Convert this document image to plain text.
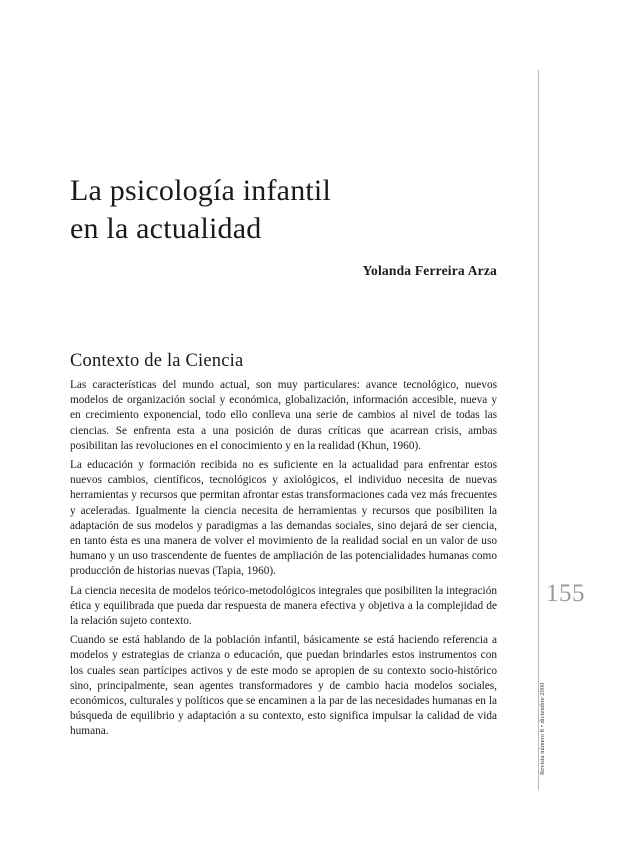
La psicología infantil
en la actualidad
Yolanda Ferreira Arza
Contexto de la Ciencia

Las características del mundo actual, son muy particulares: avance tecnológico, nuevos modelos de organización social y económica, globalización, información accesible, nueva y en crecimiento exponencial, todo ello conlleva una serie de cambios al nivel de todas las ciencias. Se enfrenta esta a una posición de duras críticas que acarrean crisis, ambas posibilitan las revoluciones en el conocimiento y en la realidad (Khun, 1960).

La educación y formación recibida no es suficiente en la actualidad para enfrentar estos nuevos cambios, científicos, tecnológicos y axiológicos, el individuo necesita de nuevas herramientas y recursos que permitan afrontar estas transformaciones cada vez más frecuentes y aceleradas. Igualmente la ciencia necesita de herramientas y recursos que posibiliten la adaptación de sus modelos y paradigmas a las demandas sociales, sino dejará de ser ciencia, en tanto ésta es una manera de volver el movimiento de la realidad social en un valor de uso humano y un uso trascendente de fuentes de ampliación de las potencialidades humanas como producción de historias nuevas (Tapia, 1960).

La ciencia necesita de modelos teórico-metodológicos integrales que posibiliten la integración ética y equilibrada que pueda dar respuesta de manera efectiva y objetiva a la complejidad de la relación sujeto contexto.

Cuando se está hablando de la población infantil, básicamente se está haciendo referencia a modelos y estrategias de crianza o educación, que puedan brindarles estos instrumentos con los cuales sean partícipes activos y de este modo se apropien de su contexto socio-histórico sino, principalmente, sean agentes transformadores y de cambio hacia modelos sociales, económicos, culturales y políticos que se encaminen a la par de las necesidades humanas en la búsqueda de equilibrio y adaptación a su contexto, esto significa impulsar la calidad de vida humana.

155
Revista número 8 • diciembre 2000
